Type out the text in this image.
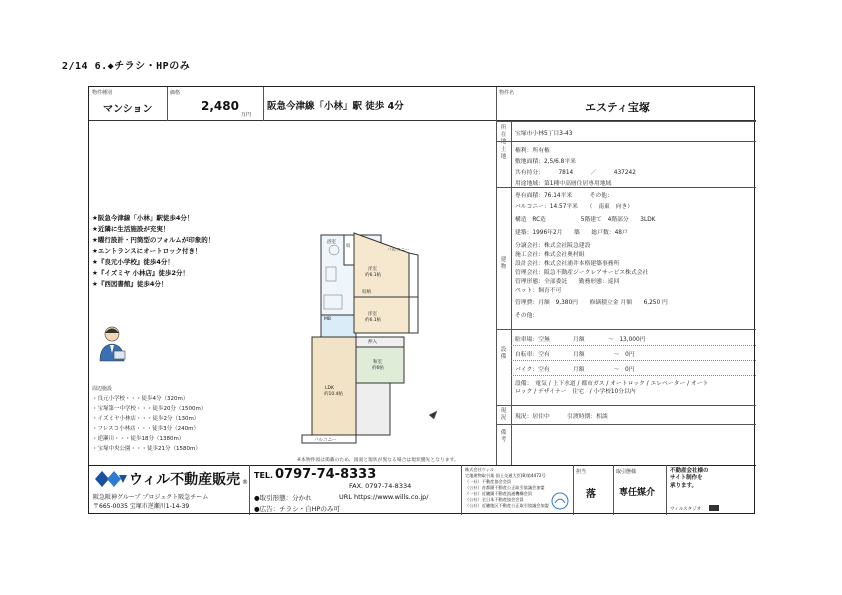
2/14 6.◆チラシ・HPのみ
物件種別
マンション
価格
2,480
万円
阪急今津線「小林」駅 徒歩 4分
物件名
エスティ宝塚
★阪急今津線「小林」駅徒歩4分！
★近隣に生活施設が充実！
★曜行設計・円筒型のフォルムが印象的！
★エントランスにオートロック付き！
★『良元小学校』徒歩4分！
★『イズミヤ 小林店』徒歩2分！
★『西図書館』徒歩4分！
周辺施設
・良元小学校・・・徒歩4分（320m）
・宝塚第一中学校・・・徒歩20分（1500m）
・イズミヤ小林店・・・徒歩2分（130m）
・フレスコ小林店・・・徒歩3分（240m）
・逆瀬川・・・徒歩18分（1380m）
・宝塚中央公園・・・徒歩21分（1580m）
洋室
約6.1帖
洋室
約6.1帖
LDK
約10.4帖
和室
約6帖
バルコニー
収納
収
押入
MB
浴室
バルコニー
※本物件図は掲載のため、図面と現状が異なる場合は現状優先となります。
所在地
宝塚市小林5丁目3-43
土地
権利：所有権
敷地面積：2,5/6.8平米
共有持分：　　　7814　　　／　　　437242
用途地域：第1種中高層住居専用地域
建物
専有面積：76.14平米　　　その他：
バルコニー：14.57平米　　（　南東　向き）
構造　RC造　　　　　　5階建て　4階部分　　3LDK
建築：1996年2月　　築　　総戸数：48戸
分譲会社：株式会社阪急建設
施工会社：株式会社奥村組
設計会社：株式会社浦井本格建築事務所
管理会社：阪急不動産ジークレアサービス株式会社
管理形態：全部委託　　勤務形態：巡回
ペット：飼育不可
管理費：月額　9,380円　　修繕積立金 月額　　6,250 円
その他：
設備
駐車場：空無　　　　月額　　　　〜　13,000円
自転車：空有　　　　月額　　　　　〜　0円
バイク：空有　　　　月額　　　　　〜　0円
設備：　電気 / 上下水道 / 都市ガス / オートロック / エレベーター / オート
ロック / デザイナー　住宅　/ 小学校10分以内
現況	現況：居住中　　　引渡時期：相談
備考
ウィル不動産販売 ®
阪急阪神グループ プロジェクト阪急チーム
〒665-0035 宝塚市逆瀬川1-14-39
TEL. 0797-74-8333
FAX. 0797-74-8334
●取引形態：分かれ	URL https://www.wills.co.jp/
●広告：チラシ・自HPのみ可
株式会社ウィル
宅地建物取引業 国土交通大臣(8)第4472号
（一社）不動産協会会員
（公社）首都圏不動産公正取引協議会加盟
（一社）近畿圏不動産流通機構会員
（公社）全日本不動産協会会員
（公社）近畿地区不動産公正取引協議会加盟
担当
落
取引態様
専任媒介
不動産会社様の
サイト制作を
承ります。
ウィルスタジオ
